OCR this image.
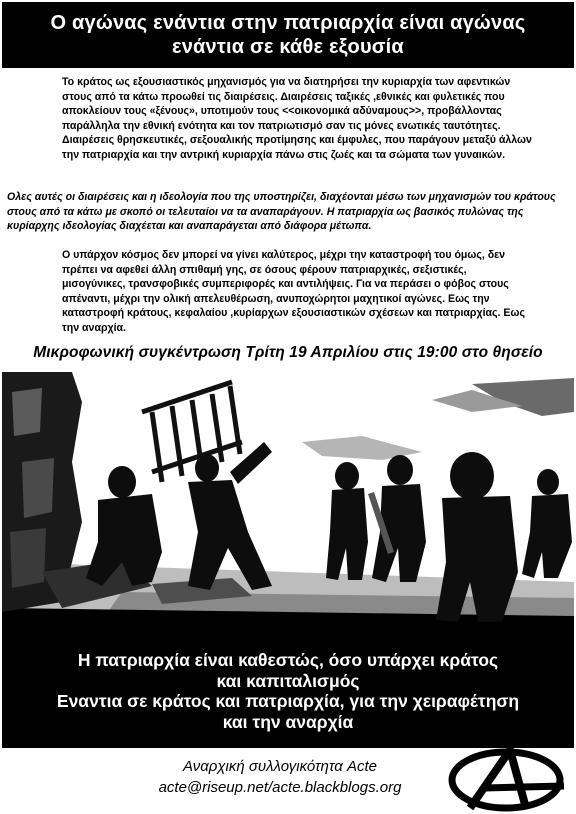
Ο αγώνας ενάντια στην πατριαρχία είναι αγώνας
ενάντια σε κάθε εξουσία
Το κράτος ως εξουσιαστικός μηχανισμός για να διατηρήσει την κυριαρχία των αφεντικών στους από τα κάτω προωθεί τις διαιρέσεις. Διαιρέσεις ταξικές ,εθνικές και φυλετικές που αποκλείουν τους «ξένους», υποτιμούν τους <<οικονομικά αδύναμους>>, προβάλλοντας παράλληλα την εθνική ενότητα και τον πατριωτισμό σαν τις μόνες ενωτικές ταυτότητες. Διαιρέσεις θρησκευτικές, σεξουαλικής προτίμησης και έμφυλες, που παράγουν μεταξύ άλλων την πατριαρχία και την αντρική κυριαρχία πάνω στις ζωές και τα σώματα των γυναικών.
Ολες αυτές οι διαιρέσεις και η ιδεολογία που της υποστηρίζει, διαχέονται μέσω των μηχανισμών του κράτους στους από τα κάτω με σκοπό οι τελευταίοι να τα αναπαράγουν. Η πατριαρχία ως βασικός πυλώνας της κυρίαρχης ιδεολογίας διαχέεται και αναπαράγεται από διάφορα μέτωπα.
Ο υπάρχον κόσμος δεν μπορεί να γίνει καλύτερος, μέχρι την καταστροφή του όμως, δεν πρέπει να αφεθεί άλλη σπιθαμή γης, σε όσους φέρουν πατριαρχικές, σεξιστικές, μισογύνικες, τρανσφοβικές συμπεριφορές και αντιλήψεις. Για να περάσει ο φόβος στους απέναντι, μέχρι την ολική απελευθέρωση, ανυποχώρητοι μαχητικοί αγώνες. Εως την καταστροφή κράτους, κεφαλαίου ,κυρίαρχων εξουσιαστικών σχέσεων και πατριαρχίας. Εως την αναρχία.
Μικροφωνική συγκέντρωση Τρίτη 19 Απριλίου στις 19:00 στο θησείο
Η πατριαρχία είναι καθεστώς, όσο υπάρχει κράτος
και καπιταλισμός
Εναντια σε κράτος και πατριαρχία, για την χειραφέτηση
και την αναρχία
Αναρχική συλλογικότητα Acte
acte@riseup.net/acte.blackblogs.org
